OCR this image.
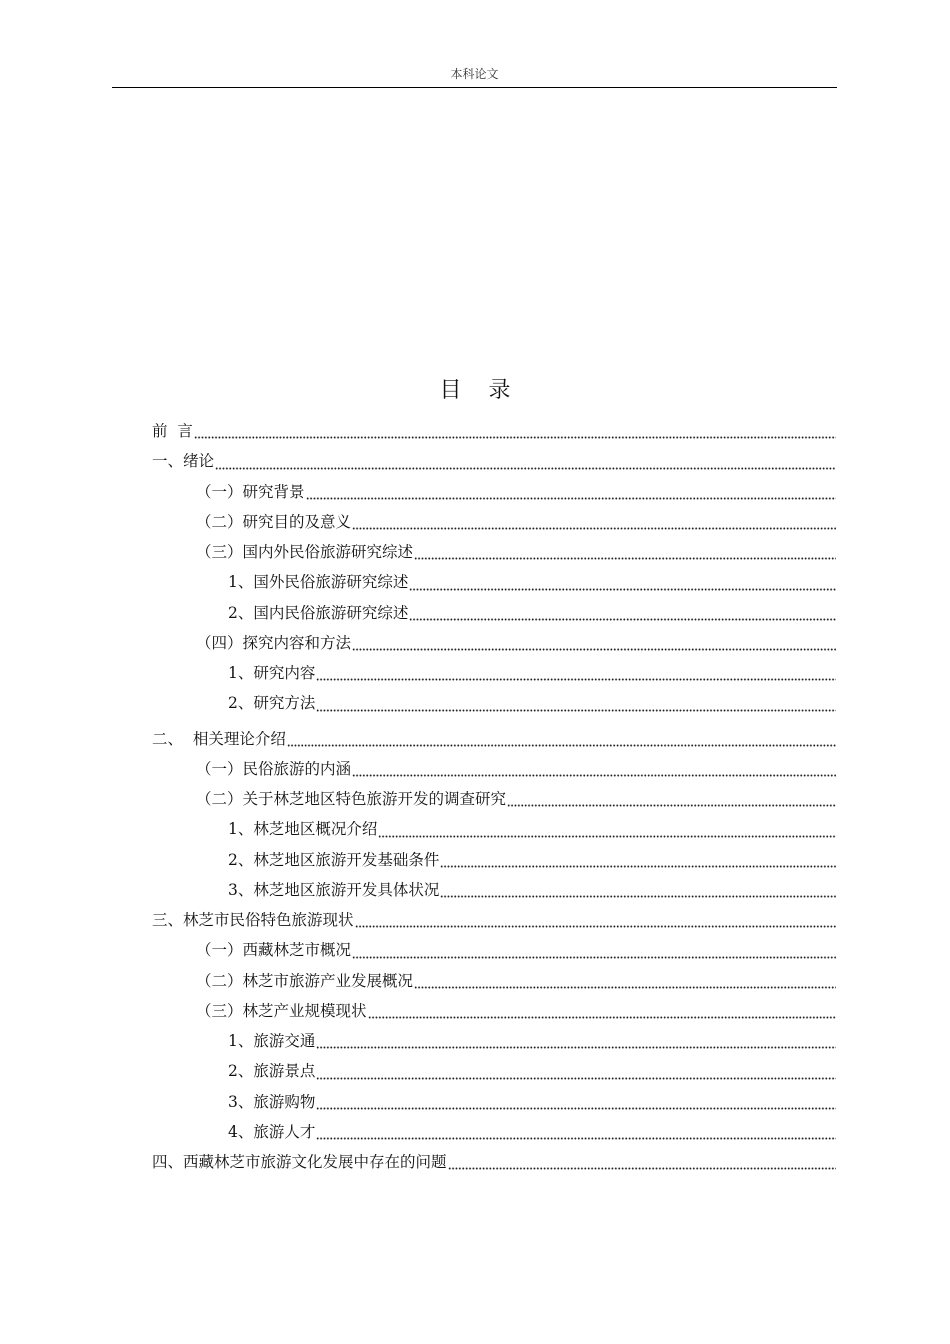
本科论文
目 录
前  言
一、绪论
（一）研究背景
（二）研究目的及意义
（三）国内外民俗旅游研究综述
1、国外民俗旅游研究综述
2、国内民俗旅游研究综述
（四）探究内容和方法
1、研究内容
2、研究方法
二、  相关理论介绍
（一）民俗旅游的内涵
（二）关于林芝地区特色旅游开发的调查研究
1、林芝地区概况介绍
2、林芝地区旅游开发基础条件
3、林芝地区旅游开发具体状况
三、林芝市民俗特色旅游现状
（一）西藏林芝市概况
（二）林芝市旅游产业发展概况
（三）林芝产业规模现状
1、旅游交通
2、旅游景点
3、旅游购物
4、旅游人才
四、西藏林芝市旅游文化发展中存在的问题
